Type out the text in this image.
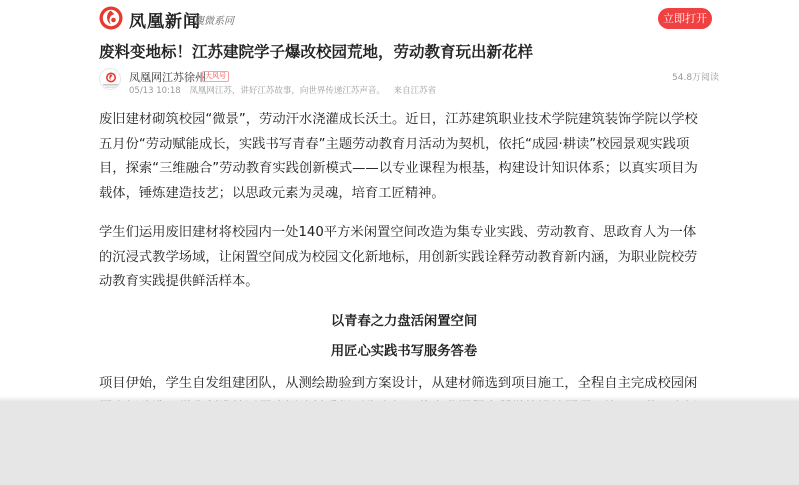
凤凰新闻
觀微系同	立即打开
废料变地标！江苏建院学子爆改校园荒地，劳动教育玩出新花样
凤凰网江苏徐州 大风号
05/13 10:18 凤凰网江苏，讲好江苏故事，向世界传递江苏声音。 来自江苏省
54.8万阅读

废旧建材砌筑校园“微景”，劳动汗水浇灌成长沃土。近日，江苏建筑职业技术学院建筑装饰学院以学校五月份“劳动赋能成长，实践书写青春”主题劳动教育月活动为契机，依托“成园·耕读”校园景观实践项目，探索“三维融合”劳动教育实践创新模式——以专业课程为根基，构建设计知识体系；以真实项目为载体，锤炼建造技艺；以思政元素为灵魂，培育工匠精神。

学生们运用废旧建材将校园内一处140平方米闲置空间改造为集专业实践、劳动教育、思政育人为一体的沉浸式教学场域，让闲置空间成为校园文化新地标，用创新实践诠释劳动教育新内涵，为职业院校劳动教育实践提供鲜活样本。

以青春之力盘活闲置空间
用匠心实践书写服务答卷

项目伊始，学生自发组建团队，从测绘勘验到方案设计，从建材筛选到项目施工，全程自主完成校园闲
